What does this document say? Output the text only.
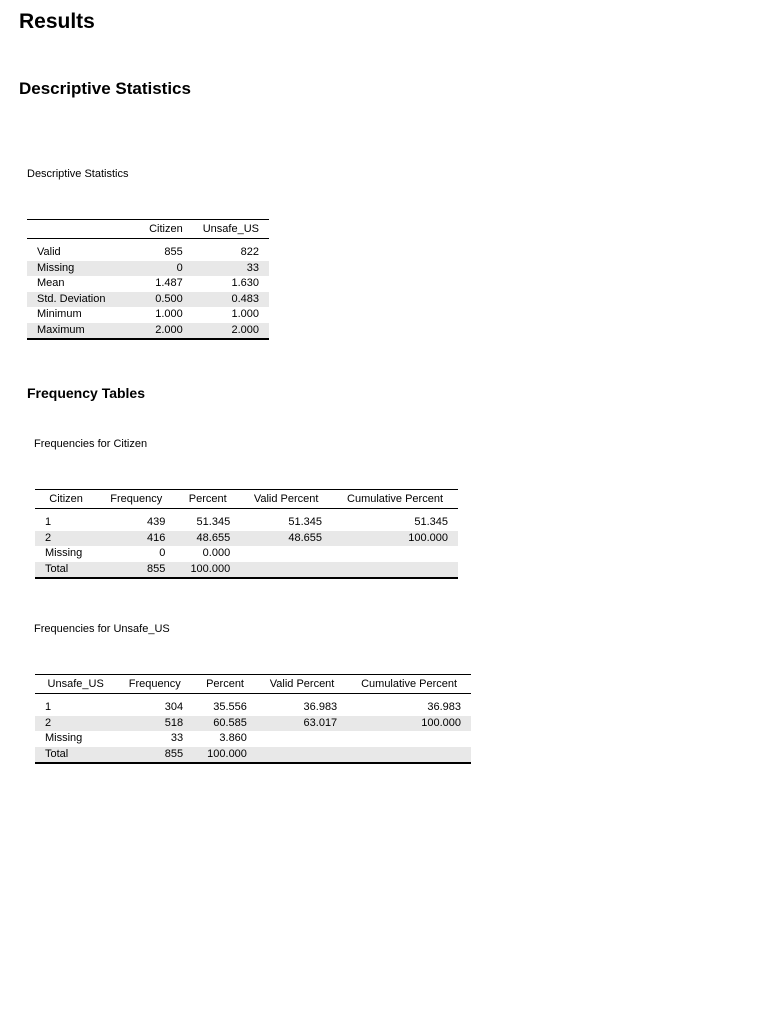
Results
Descriptive Statistics

Descriptive Statistics

	Citizen	Unsafe_US

Valid	855	822
Missing	0	33
Mean	1.487	1.630
Std. Deviation	0.500	0.483
Minimum	1.000	1.000
Maximum	2.000	2.000
Frequency Tables

Frequencies for Citizen

Citizen	Frequency	Percent	Valid Percent	Cumulative Percent

1	439	51.345	51.345	51.345
2	416	48.655	48.655	100.000
Missing	0	0.000		
Total	855	100.000		

Frequencies for Unsafe_US

Unsafe_US	Frequency	Percent	Valid Percent	Cumulative Percent

1	304	35.556	36.983	36.983
2	518	60.585	63.017	100.000
Missing	33	3.860		
Total	855	100.000		
